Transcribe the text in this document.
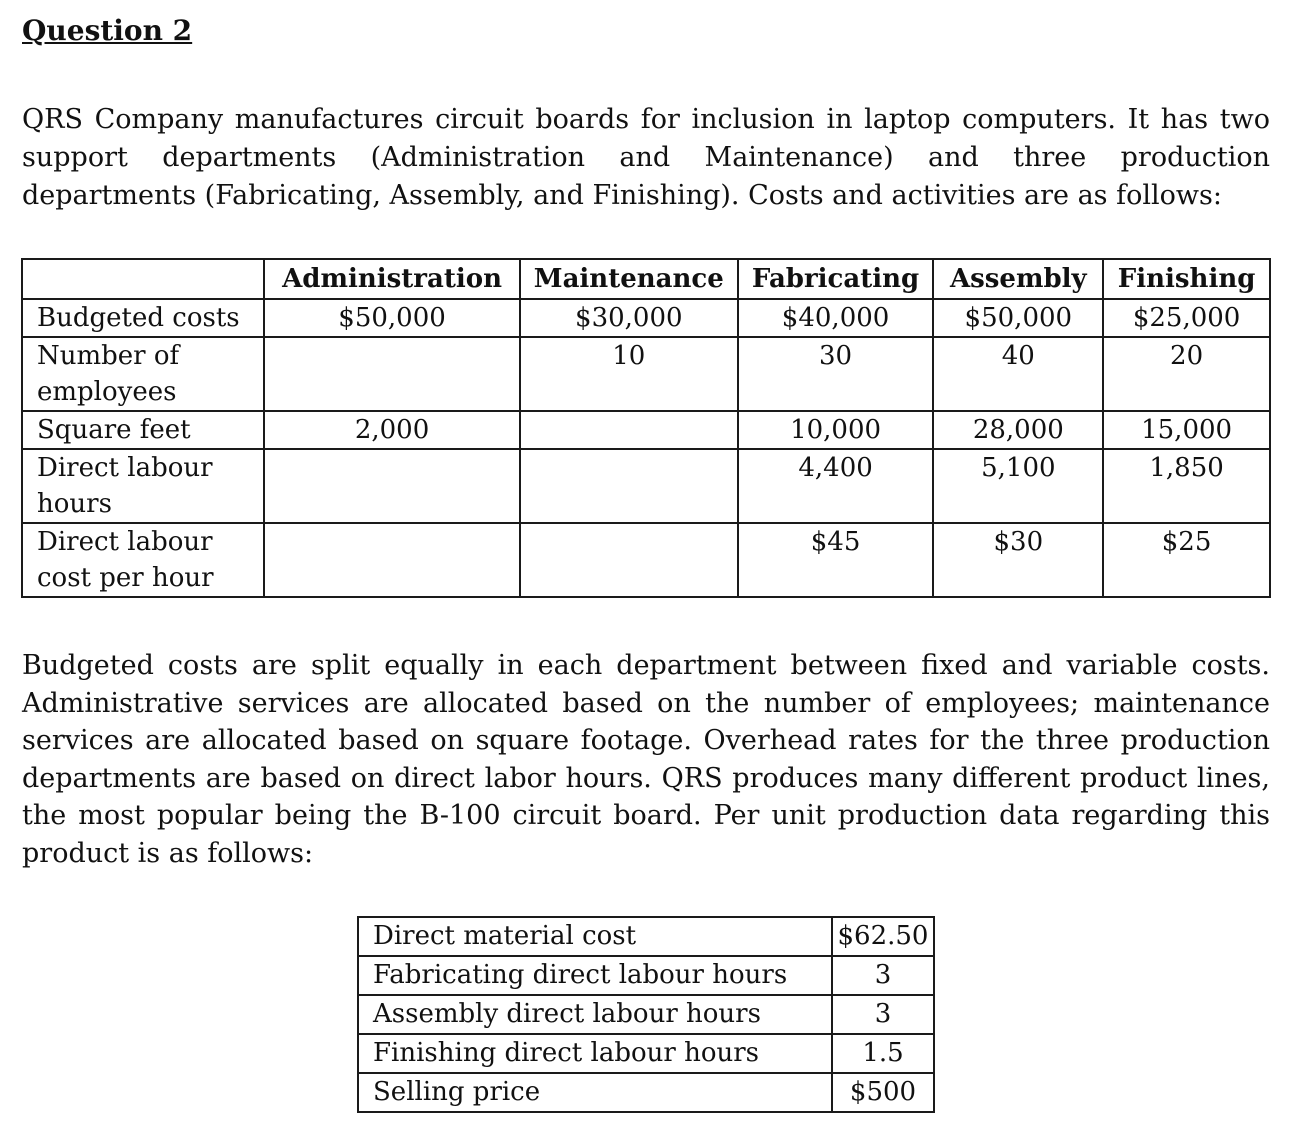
Question 2

QRS Company manufactures circuit boards for inclusion in laptop computers. It has two support departments (Administration and Maintenance) and three production departments (Fabricating, Assembly, and Finishing). Costs and activities are as follows:

	Administration	Maintenance	Fabricating	Assembly	Finishing
Budgeted costs	$50,000	$30,000	$40,000	$50,000	$25,000
Number of employees		10	30	40	20
Square feet	2,000		10,000	28,000	15,000
Direct labour hours			4,400	5,100	1,850
Direct labour cost per hour			$45	$30	$25

Budgeted costs are split equally in each department between fixed and variable costs. Administrative services are allocated based on the number of employees; maintenance services are allocated based on square footage. Overhead rates for the three production departments are based on direct labor hours. QRS produces many different product lines, the most popular being the B-100 circuit board. Per unit production data regarding this product is as follows:

Direct material cost	$62.50
Fabricating direct labour hours	3
Assembly direct labour hours	3
Finishing direct labour hours	1.5
Selling price	$500
